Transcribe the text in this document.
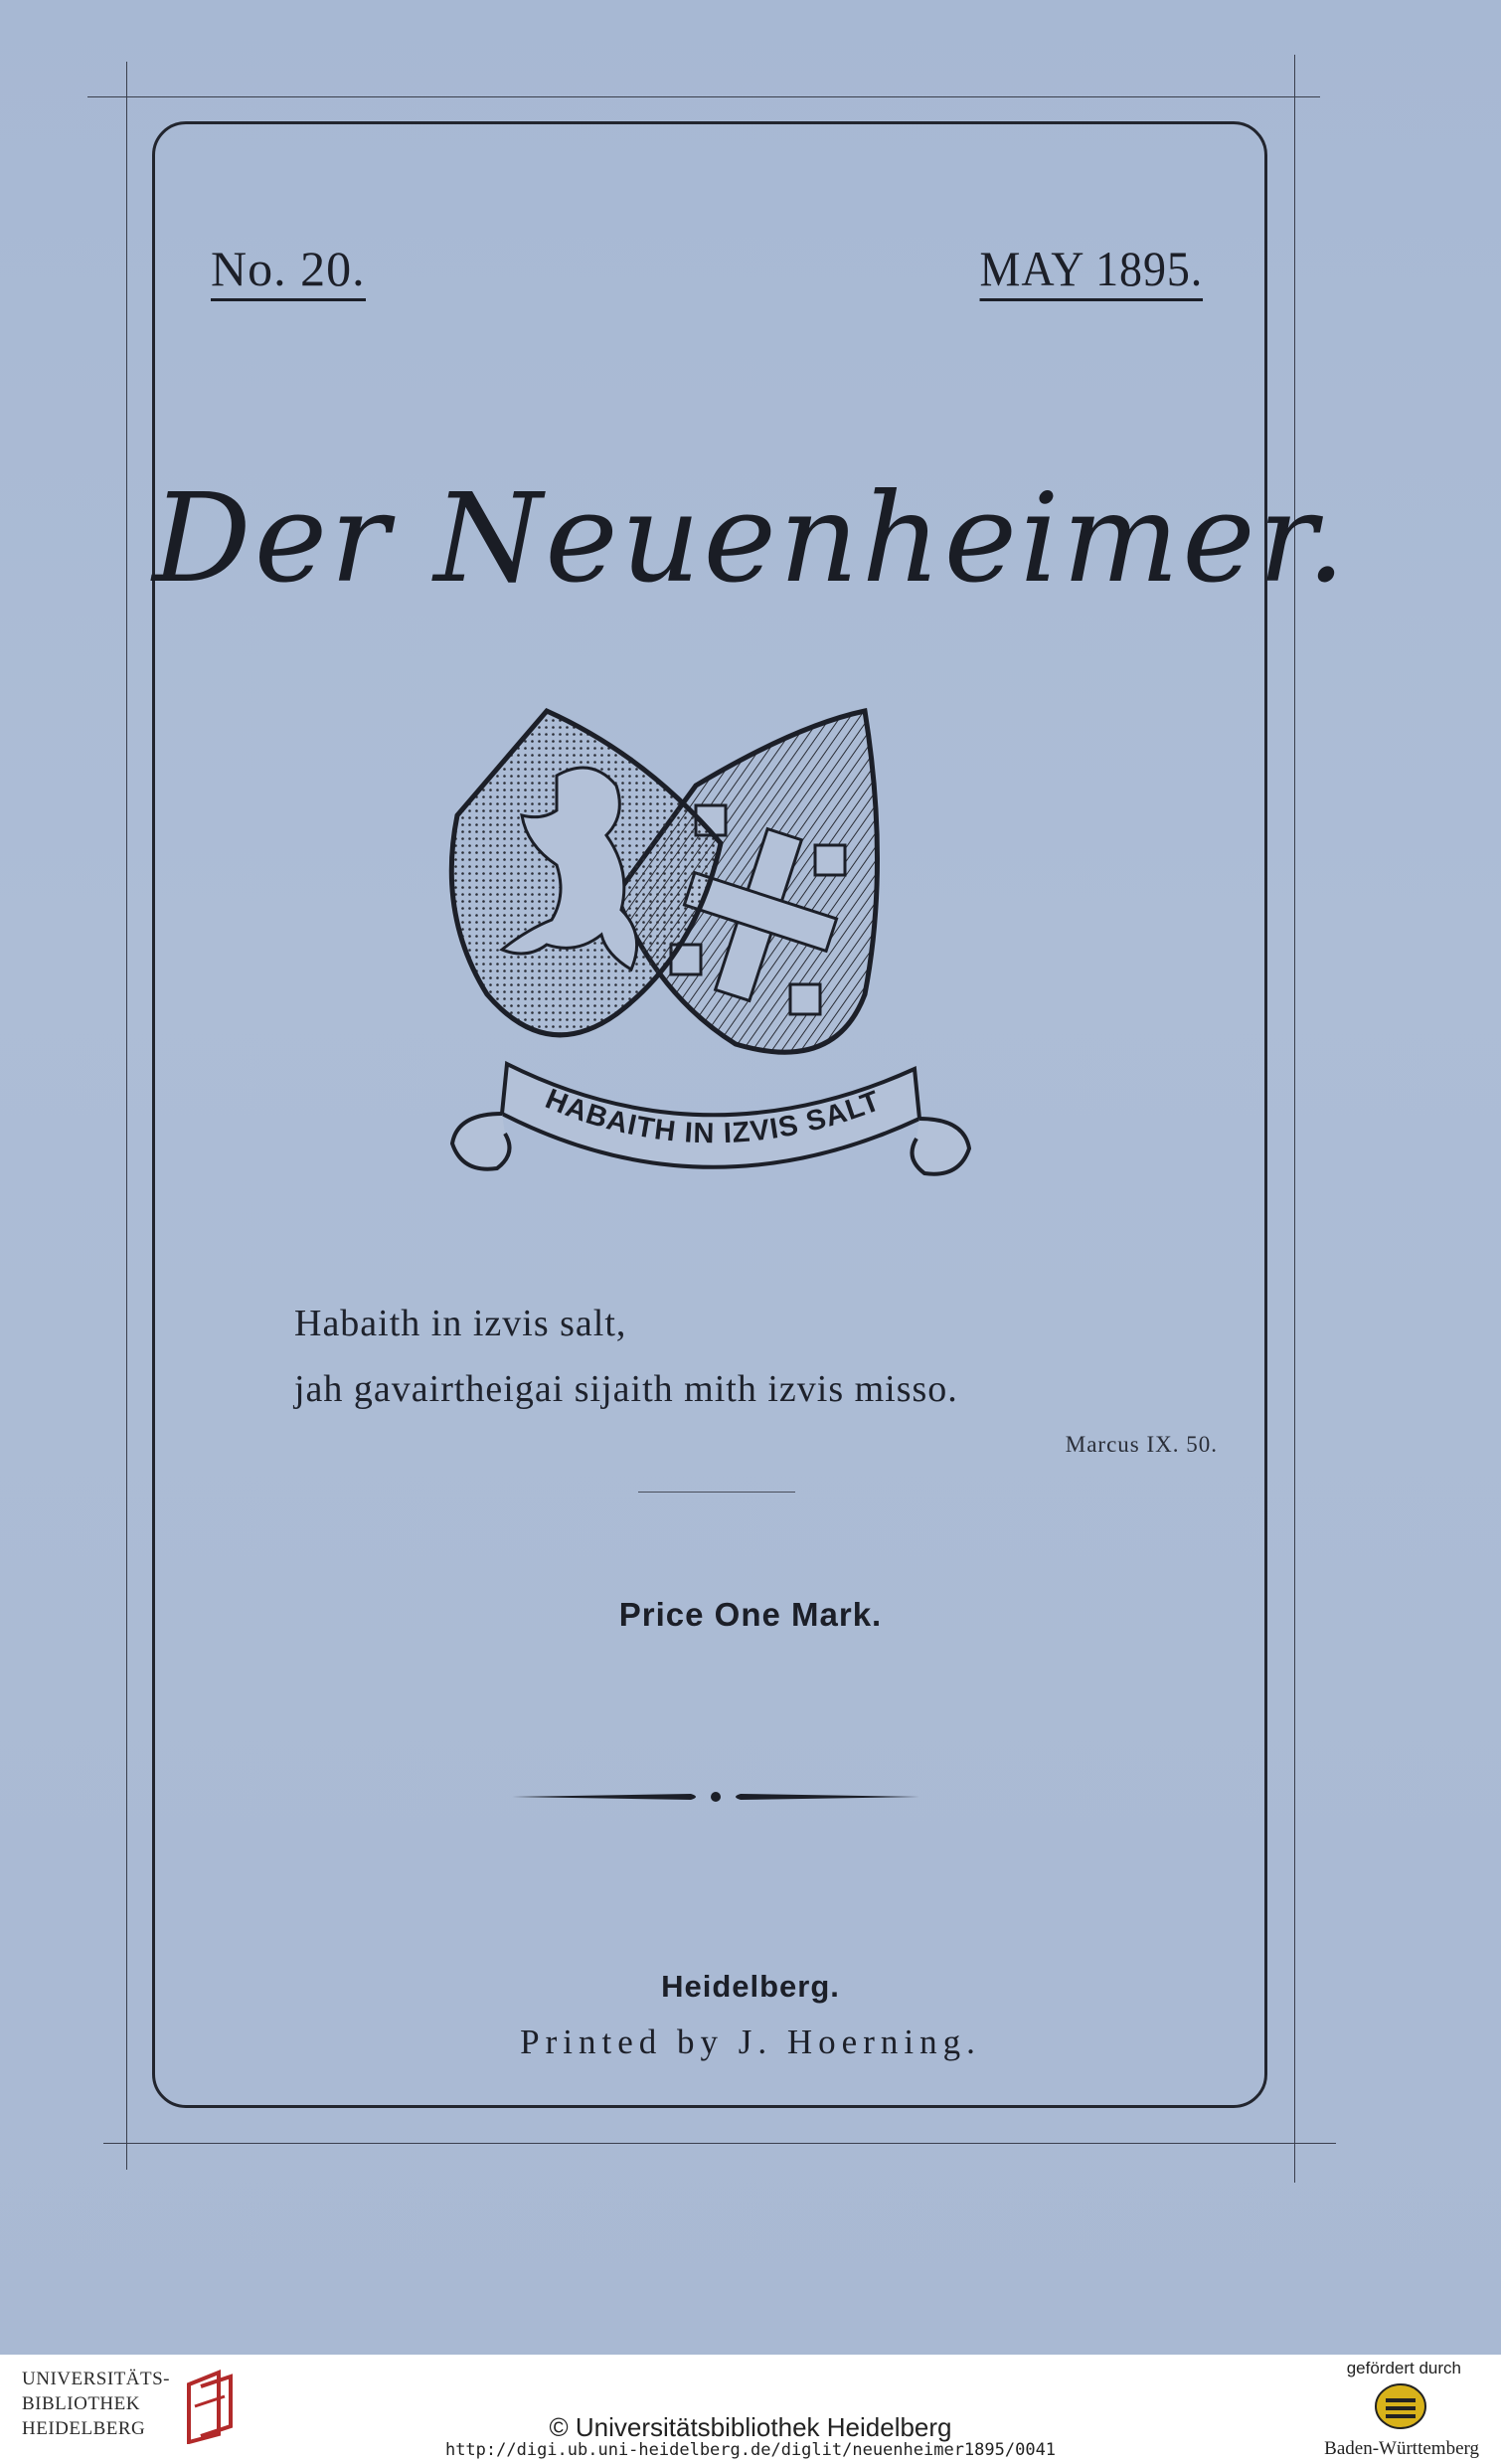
No. 20.	MAY 1895.
Der Neuenheimer.
HABAITH IN IZVIS SALT
Habaith in izvis salt,
jah gavairtheigai sijaith mith izvis misso.
Marcus IX. 50.
Price One Mark.
Heidelberg.
Printed by J. Hoerning.
UNIVERSITÄTS-
BIBLIOTHEK
HEIDELBERG	© Universitätsbibliothek Heidelberg
http://digi.ub.uni-heidelberg.de/diglit/neuenheimer1895/0041
gefördert durch
Baden-Württemberg
